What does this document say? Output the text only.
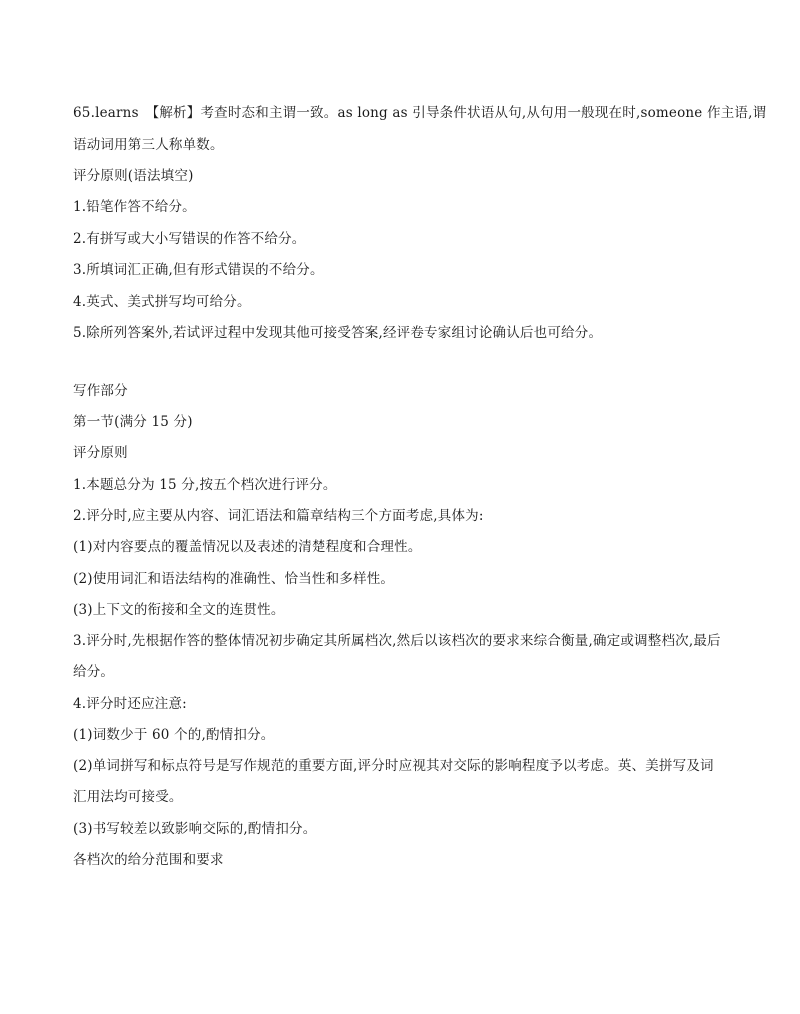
65.learns　【解析】考查时态和主谓一致。as long as 引导条件状语从句,从句用一般现在时,someone 作主语,谓
语动词用第三人称单数。
评分原则(语法填空)
1.铅笔作答不给分。
2.有拼写或大小写错误的作答不给分。
3.所填词汇正确,但有形式错误的不给分。
4.英式、美式拼写均可给分。
5.除所列答案外,若试评过程中发现其他可接受答案,经评卷专家组讨论确认后也可给分。
写作部分
第一节(满分 15 分)
评分原则
1.本题总分为 15 分,按五个档次进行评分。
2.评分时,应主要从内容、词汇语法和篇章结构三个方面考虑,具体为:
(1)对内容要点的覆盖情况以及表述的清楚程度和合理性。
(2)使用词汇和语法结构的准确性、恰当性和多样性。
(3)上下文的衔接和全文的连贯性。
3.评分时,先根据作答的整体情况初步确定其所属档次,然后以该档次的要求来综合衡量,确定或调整档次,最后
给分。
4.评分时还应注意:
(1)词数少于 60 个的,酌情扣分。
(2)单词拼写和标点符号是写作规范的重要方面,评分时应视其对交际的影响程度予以考虑。英、美拼写及词
汇用法均可接受。
(3)书写较差以致影响交际的,酌情扣分。
各档次的给分范围和要求
